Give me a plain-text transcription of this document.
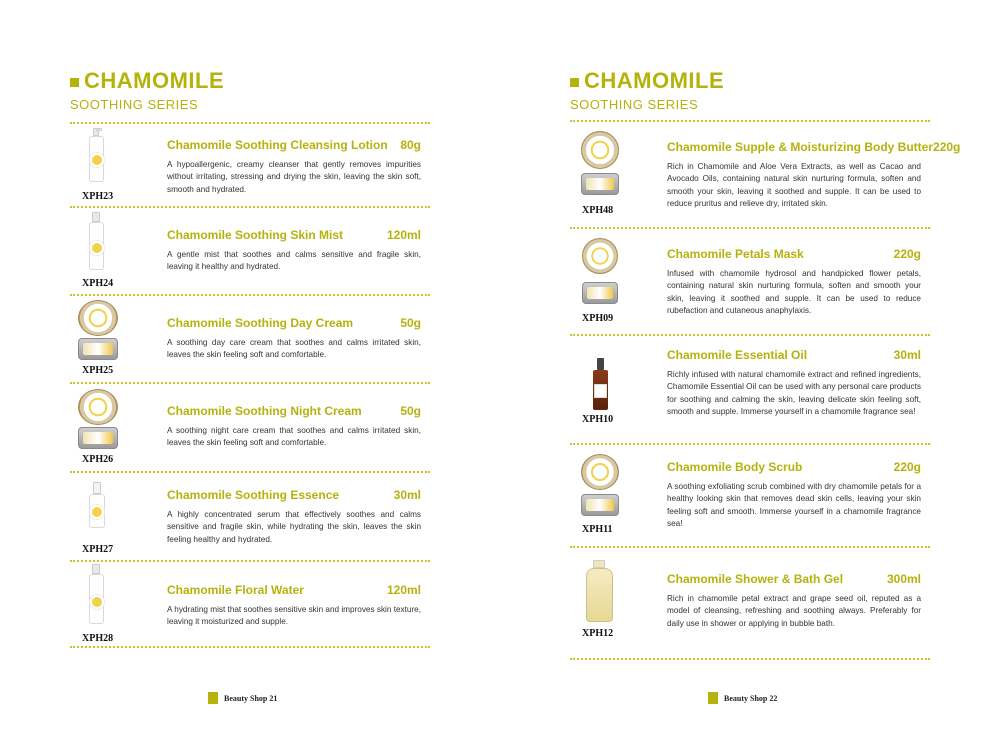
CHAMOMILE
SOOTHING SERIES
XPH23
Chamomile Soothing Cleansing Lotion 80g
A hypoallergenic, creamy cleanser that gently removes impurities without irritating, stressing and drying the skin, leaving the skin soft, smooth and hydrated.
XPH24
Chamomile Soothing Skin Mist	120ml
A gentle mist that soothes and calms sensitive and fragile skin, leaving it healthy and hydrated.
XPH25
Chamomile Soothing Day Cream	50g
A soothing day care cream that soothes and calms irritated skin, leaves the skin feeling soft and comfortable.
XPH26
Chamomile Soothing Night Cream	50g
A soothing night care cream that soothes and calms irritated skin, leaves the skin feeling soft and comfortable.
XPH27
Chamomile Soothing Essence	30ml
A highly concentrated serum that effectively soothes and calms sensitive and fragile skin, while hydrating the skin, leaves the skin feeling healthy and hydrated.
XPH28
Chamomile Floral Water	120ml
A hydrating mist that soothes sensitive skin and improves skin texture, leaving it moisturized and supple.
Beauty Shop 21
CHAMOMILE
SOOTHING SERIES
XPH48
Chamomile Supple & Moisturizing Body Butter 220g
Rich in Chamomile and Aloe Vera Extracts, as well as Cacao and Avocado Oils, containing natural skin nurturing formula, soften and smooth your skin, leaving it soothed and supple. It can be used to reduce pruritus and relieve dry, irritated skin.
XPH09
Chamomile Petals Mask	220g
Infused with chamomile hydrosol and handpicked flower petals, containing natural skin nurturing formula, soften and smooth your skin, leaving it soothed and supple. It can be used to reduce rubefaction and cutaneous anaphylaxis.
XPH10
Chamomile Essential Oil	30ml
Richly infused with natural chamomile extract and refined ingredients, Chamomile Essential Oil can be used with any personal care products for soothing and calming the skin, leaving delicate skin feeling soft, smooth and supple. Immerse yourself in a chamomile fragrance sea!
XPH11
Chamomile Body Scrub	220g
A soothing exfoliating scrub combined with dry chamomile petals for a healthy looking skin that removes dead skin cells, leaving your skin feeling soft and smooth. Immerse yourself in a chamomile fragrance sea!
XPH12
Chamomile Shower & Bath Gel	300ml
Rich in chamomile petal extract and grape seed oil, reputed as a model of cleansing, refreshing and soothing always. Preferably for daily use in shower or applying in bubble bath.
Beauty Shop 22
